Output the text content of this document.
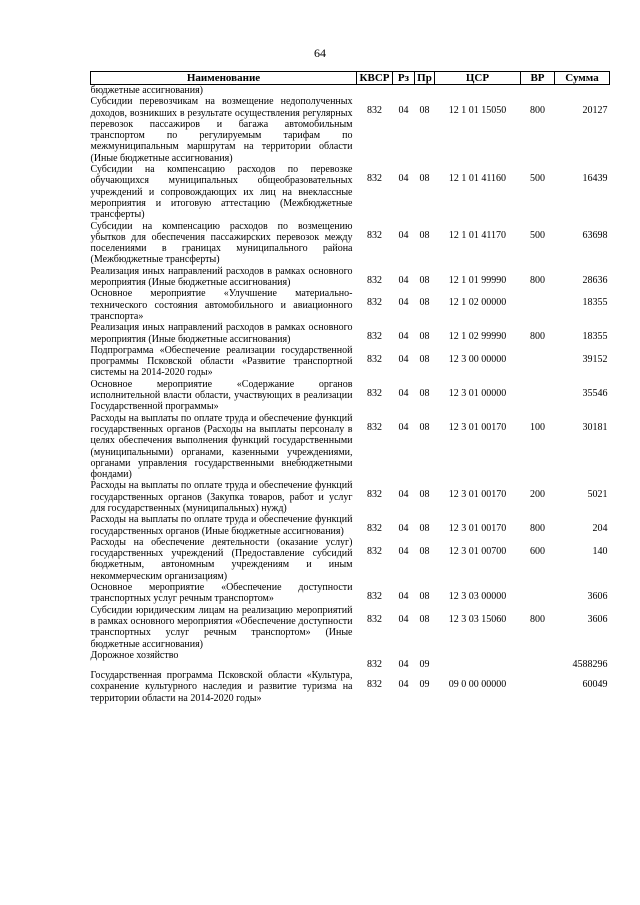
64
Наименование	КВСР	Рз	Пр	ЦСР	ВР	Сумма
бюджетные ассигнования)						
Субсидии перевозчикам на возмещение недополученных доходов, возникших в результате осуществления регулярных перевозок пассажиров и багажа автомобильным транспортом по регулируемым тарифам по межмуниципальным маршрутам на территории области (Иные бюджетные ассигнования)	832	04	08	12 1 01 15050	800	20127
Субсидии на компенсацию расходов по перевозке обучающихся муниципальных общеобразовательных учреждений и сопровождающих их лиц на внеклассные мероприятия и итоговую аттестацию (Межбюджетные трансферты)	832	04	08	12 1 01 41160	500	16439
Субсидии на компенсацию расходов по возмещению убытков для обеспечения пассажирских перевозок между поселениями в границах муниципального района (Межбюджетные трансферты)	832	04	08	12 1 01 41170	500	63698
Реализация иных направлений расходов в рамках основного мероприятия (Иные бюджетные ассигнования)	832	04	08	12 1 01 99990	800	28636
Основное мероприятие «Улучшение материально-технического состояния автомобильного и авиационного транспорта»	832	04	08	12 1 02 00000		18355
Реализация иных направлений расходов в рамках основного мероприятия (Иные бюджетные ассигнования)	832	04	08	12 1 02 99990	800	18355
Подпрограмма «Обеспечение реализации государственной программы Псковской области «Развитие транспортной системы на 2014-2020 годы»	832	04	08	12 3 00 00000		39152
Основное мероприятие «Содержание органов исполнительной власти области, участвующих в реализации Государственной программы»	832	04	08	12 3 01 00000		35546
Расходы на выплаты по оплате труда и обеспечение функций государственных органов (Расходы на выплаты персоналу в целях обеспечения выполнения функций государственными (муниципальными) органами, казенными учреждениями, органами управления государственными внебюджетными фондами)	832	04	08	12 3 01 00170	100	30181
Расходы на выплаты по оплате труда и обеспечение функций государственных органов (Закупка товаров, работ и услуг для государственных (муниципальных) нужд)	832	04	08	12 3 01 00170	200	5021
Расходы на выплаты по оплате труда и обеспечение функций государственных органов (Иные бюджетные ассигнования)	832	04	08	12 3 01 00170	800	204
Расходы на обеспечение деятельности (оказание услуг) государственных учреждений (Предоставление субсидий бюджетным, автономным учреждениям и иным некоммерческим организациям)	832	04	08	12 3 01 00700	600	140
Основное мероприятие «Обеспечение доступности транспортных услуг речным транспортом»	832	04	08	12 3 03 00000		3606
Субсидии юридическим лицам на реализацию мероприятий в рамках основного мероприятия «Обеспечение доступности транспортных услуг речным транспортом» (Иные бюджетные ассигнования)	832	04	08	12 3 03 15060	800	3606
Дорожное хозяйство	832	04	09			4588296
Государственная программа Псковской области «Культура, сохранение культурного наследия и развитие туризма на территории области на 2014-2020 годы»	832	04	09	09 0 00 00000		60049
